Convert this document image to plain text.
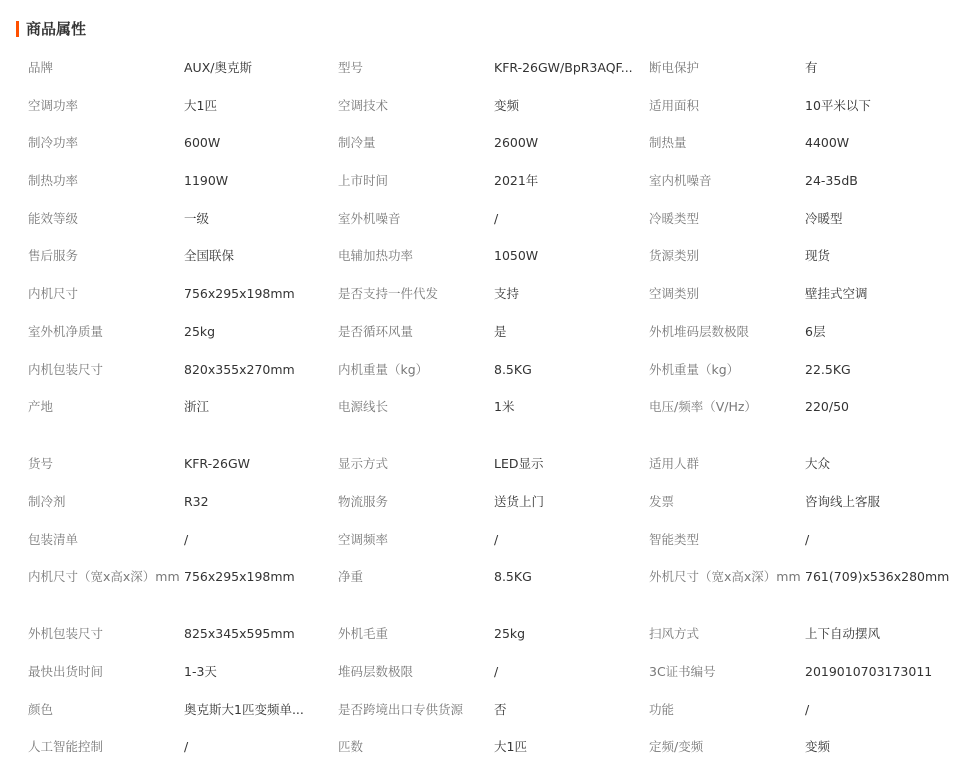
商品属性
品牌	AUX/奥克斯	型号	KFR-26GW/BpR3AQF...	断电保护	有
空调功率	大1匹	空调技术	变频	适用面积	10平米以下
制冷功率	600W	制冷量	2600W	制热量	4400W
制热功率	1190W	上市时间	2021年	室内机噪音	24-35dB
能效等级	一级	室外机噪音	/	冷暖类型	冷暖型
售后服务	全国联保	电辅加热功率	1050W	货源类别	现货
内机尺寸	756x295x198mm	是否支持一件代发	支持	空调类别	壁挂式空调
室外机净质量	25kg	是否循环风量	是	外机堆码层数极限	6层
内机包装尺寸	820x355x270mm	内机重量（kg）	8.5KG	外机重量（kg）	22.5KG
产地	浙江	电源线长	1米	电压/频率（V/Hz）	220/50
货号	KFR-26GW	显示方式	LED显示	适用人群	大众
制冷剂	R32	物流服务	送货上门	发票	咨询线上客服
包装清单	/	空调频率	/	智能类型	/
内机尺寸（宽x高x深）mm 756x295x198mm	净重	8.5KG	外机尺寸（宽x高x深）mm 761(709)x536x280mm
外机包装尺寸	825x345x595mm	外机毛重	25kg	扫风方式	上下自动摆风
最快出货时间	1-3天	堆码层数极限	/	3C证书编号	2019010703173011
颜色	奥克斯大1匹变频单...	是否跨境出口专供货源	否	功能	/
人工智能控制	/	匹数	大1匹	定频/变频	变频
